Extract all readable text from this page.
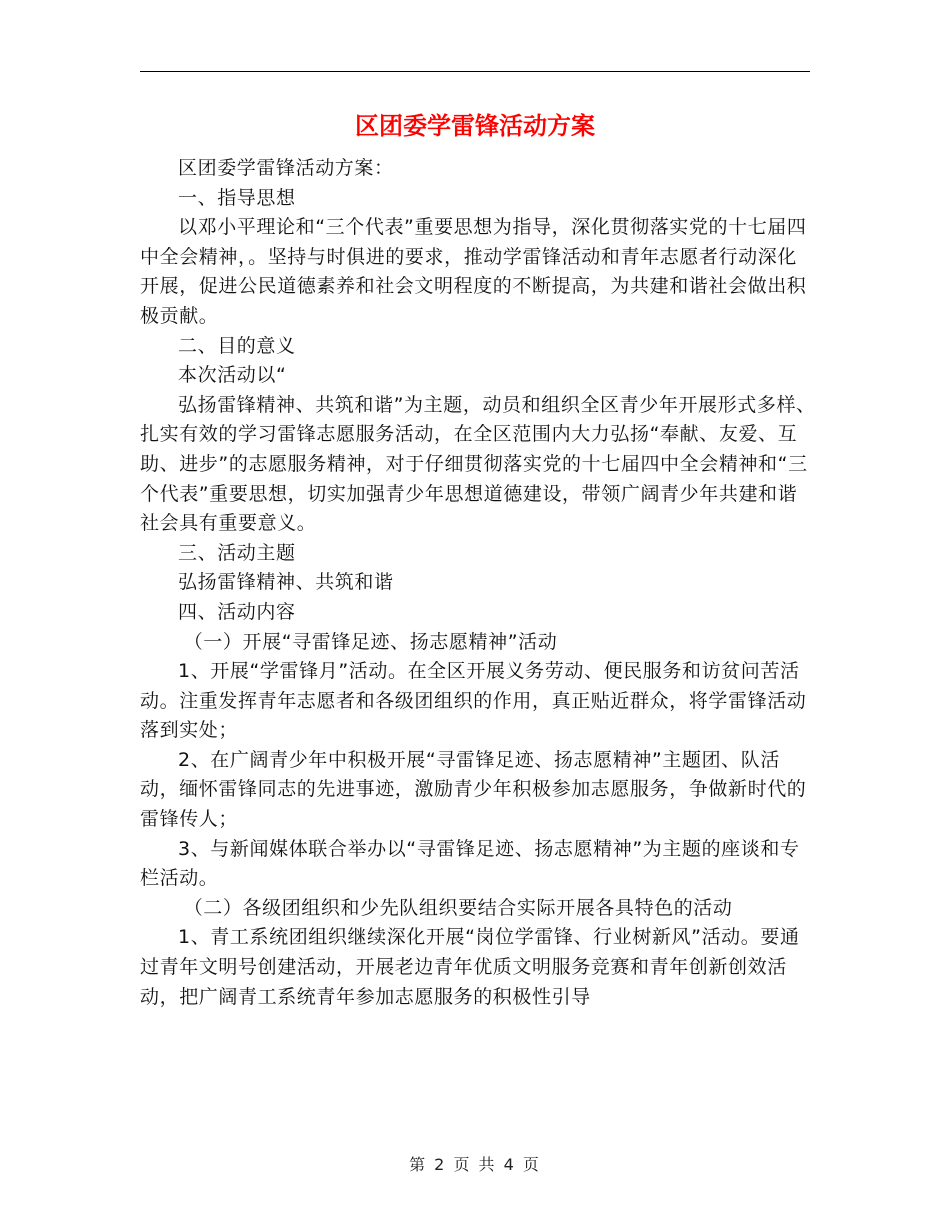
区团委学雷锋活动方案

区团委学雷锋活动方案：

一、指导思想

以邓小平理论和“三个代表”重要思想为指导，深化贯彻落实党的十七届四中全会精神，。坚持与时俱进的要求，推动学雷锋活动和青年志愿者行动深化开展，促进公民道德素养和社会文明程度的不断提高，为共建和谐社会做出积极贡献。

二、目的意义

本次活动以“

弘扬雷锋精神、共筑和谐”为主题，动员和组织全区青少年开展形式多样、扎实有效的学习雷锋志愿服务活动，在全区范围内大力弘扬“奉献、友爱、互助、进步”的志愿服务精神，对于仔细贯彻落实党的十七届四中全会精神和“三个代表”重要思想，切实加强青少年思想道德建设，带领广阔青少年共建和谐社会具有重要意义。

三、活动主题

弘扬雷锋精神、共筑和谐

四、活动内容

（一）开展“寻雷锋足迹、扬志愿精神”活动

1、开展“学雷锋月”活动。在全区开展义务劳动、便民服务和访贫问苦活动。注重发挥青年志愿者和各级团组织的作用，真正贴近群众，将学雷锋活动落到实处；

2、在广阔青少年中积极开展“寻雷锋足迹、扬志愿精神”主题团、队活动，缅怀雷锋同志的先进事迹，激励青少年积极参加志愿服务，争做新时代的雷锋传人；

3、与新闻媒体联合举办以“寻雷锋足迹、扬志愿精神”为主题的座谈和专栏活动。

（二）各级团组织和少先队组织要结合实际开展各具特色的活动

1、青工系统团组织继续深化开展“岗位学雷锋、行业树新风”活动。要通过青年文明号创建活动，开展老边青年优质文明服务竞赛和青年创新创效活动，把广阔青工系统青年参加志愿服务的积极性引导

第 2 页 共 4 页
